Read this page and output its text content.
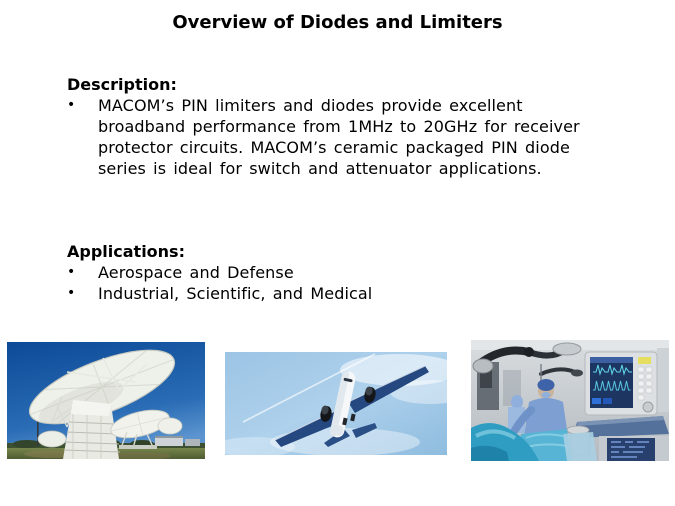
Overview of Diodes and Limiters
Description:
• MACOM’s PIN limiters and diodes provide excellent broadband performance from 1MHz to 20GHz for receiver protector circuits. MACOM’s ceramic packaged PIN diode series is ideal for switch and attenuator applications.
Applications:
• Aerospace and Defense
• Industrial, Scientific, and Medical
